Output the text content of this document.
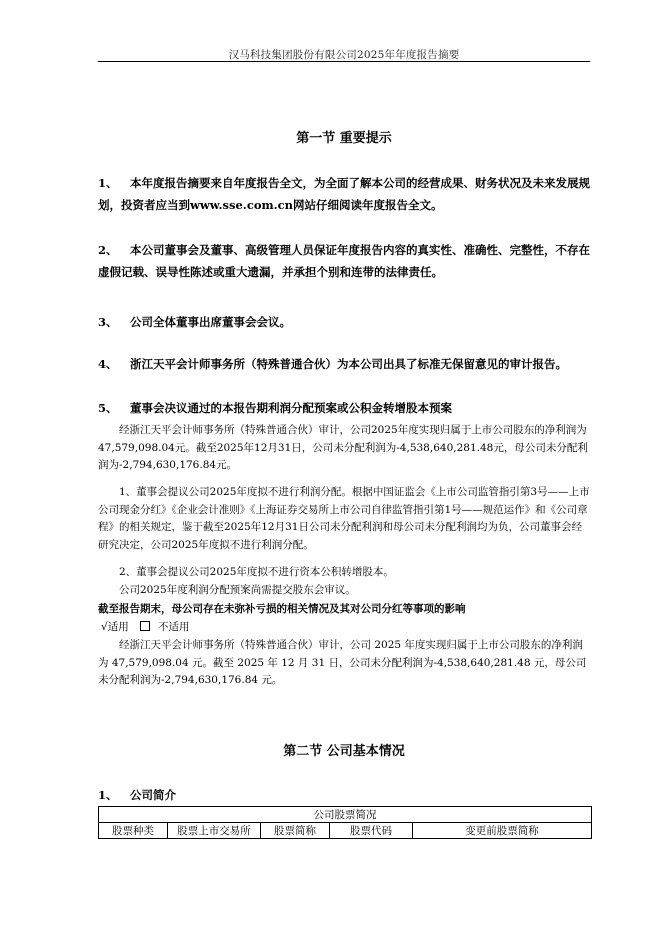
汉马科技集团股份有限公司2025年年度报告摘要
第一节 重要提示
1、 本年度报告摘要来自年度报告全文，为全面了解本公司的经营成果、财务状况及未来发展规
划，投资者应当到www.sse.com.cn网站仔细阅读年度报告全文。
2、 本公司董事会及董事、高级管理人员保证年度报告内容的真实性、准确性、完整性，不存在
虚假记载、误导性陈述或重大遗漏，并承担个别和连带的法律责任。
3、 公司全体董事出席董事会会议。
4、 浙江天平会计师事务所（特殊普通合伙）为本公司出具了标准无保留意见的审计报告。
5、 董事会决议通过的本报告期利润分配预案或公积金转增股本预案
经浙江天平会计师事务所（特殊普通合伙）审计，公司2025年度实现归属于上市公司股东的净利润为47,579,098.04元。截至2025年12月31日，公司未分配利润为-4,538,640,281.48元，母公司未分配利润为-2,794,630,176.84元。
1、董事会提议公司2025年度拟不进行利润分配。根据中国证监会《上市公司监管指引第3号——上市公司现金分红》《企业会计准则》《上海证券交易所上市公司自律监管指引第1号——规范运作》和《公司章程》的相关规定，鉴于截至2025年12月31日公司未分配利润和母公司未分配利润均为负，公司董事会经研究决定，公司2025年度拟不进行利润分配。
2、董事会提议公司2025年度拟不进行资本公积转增股本。
公司2025年度利润分配预案尚需提交股东会审议。
截至报告期末，母公司存在未弥补亏损的相关情况及其对公司分红等事项的影响
√适用	不适用
经浙江天平会计师事务所（特殊普通合伙）审计，公司 2025 年度实现归属于上市公司股东的净利润为 47,579,098.04 元。截至 2025 年 12 月 31 日，公司未分配利润为-4,538,640,281.48 元，母公司未分配利润为-2,794,630,176.84 元。
第二节 公司基本情况
1、 公司简介
公司股票简况
股票种类	股票上市交易所	股票简称	股票代码	变更前股票简称
